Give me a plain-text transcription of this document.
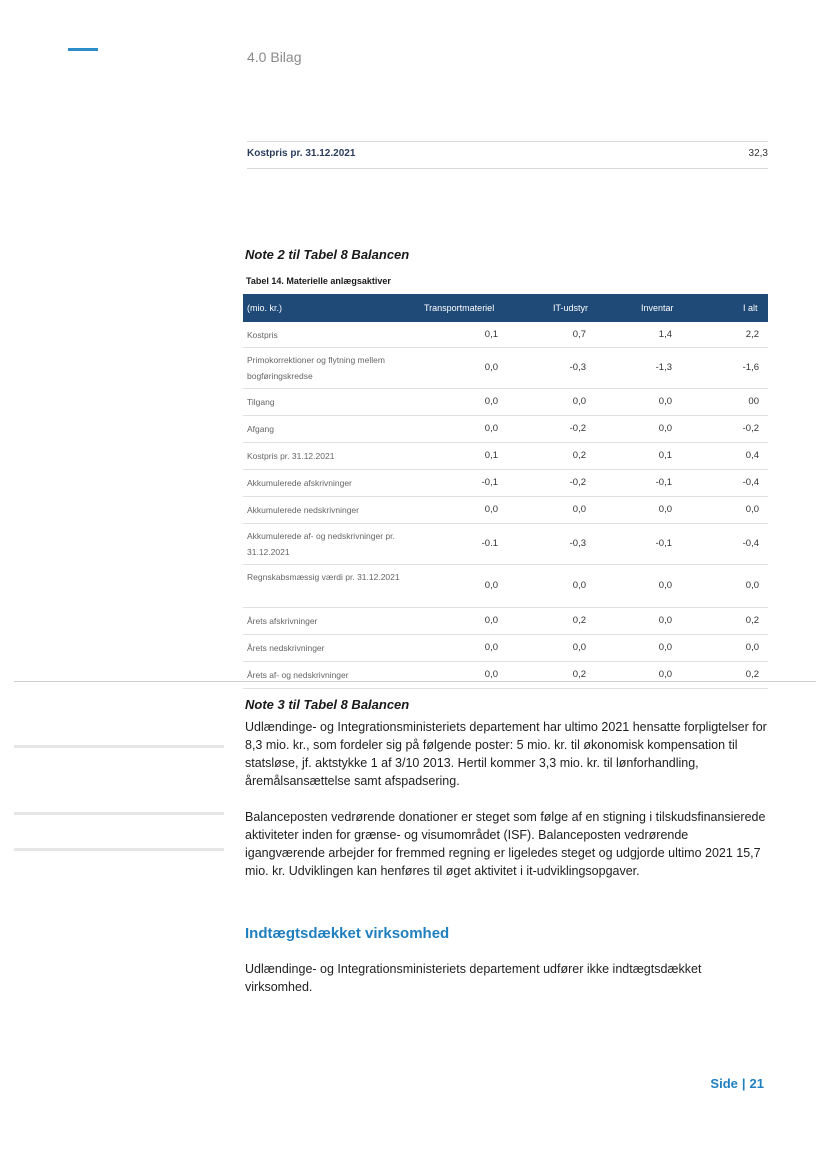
4.0 Bilag
Kostpris pr. 31.12.2021	32,3
Note 2 til Tabel 8 Balancen
Tabel 14. Materielle anlægsaktiver
(mio. kr.)	Transportmateriel	IT-udstyr	Inventar	I alt
Kostpris	0,1	0,7	1,4	2,2
Primokorrektioner og flytning mellem bogføringskredse
0,0	-0,3	-1,3	-1,6
Tilgang	0,0	0,0	0,0	00
Afgang	0,0	-0,2	0,0	-0,2
Kostpris pr. 31.12.2021	0,1	0,2	0,1	0,4
Akkumulerede afskrivninger	-0,1	-0,2	-0,1	-0,4
Akkumulerede nedskrivninger	0,0	0,0	0,0	0,0
Akkumulerede af- og nedskrivninger pr. 31.12.2021
-0.1	-0,3	-0,1	-0,4
Regnskabsmæssig værdi pr. 31.12.2021
0,0	0,0	0,0	0,0
Årets afskrivninger	0,0	0,2	0,0	0,2
Årets nedskrivninger	0,0	0,0	0,0	0,0
Årets af- og nedskrivninger	0,0	0,2	0,0	0,2
Note 3 til Tabel 8 Balancen
Udlændinge- og Integrationsministeriets departement har ultimo 2021 hensatte forpligtelser for 8,3 mio. kr., som fordeler sig på følgende poster: 5 mio. kr. til økonomisk kompensation til statsløse, jf. aktstykke 1 af 3/10 2013. Hertil kommer 3,3 mio. kr. til lønforhandling, åremålsansættelse samt afspadsering.
Balanceposten vedrørende donationer er steget som følge af en stigning i tilskudsfinansierede aktiviteter inden for grænse- og visumområdet (ISF). Balanceposten vedrørende igangværende arbejder for fremmed regning er ligeledes steget og udgjorde ultimo 2021 15,7 mio. kr. Udviklingen kan henføres til øget aktivitet i it-udviklingsopgaver.
Indtægtsdækket virksomhed
Udlændinge- og Integrationsministeriets departement udfører ikke indtægtsdækket virksomhed.
Side | 21
